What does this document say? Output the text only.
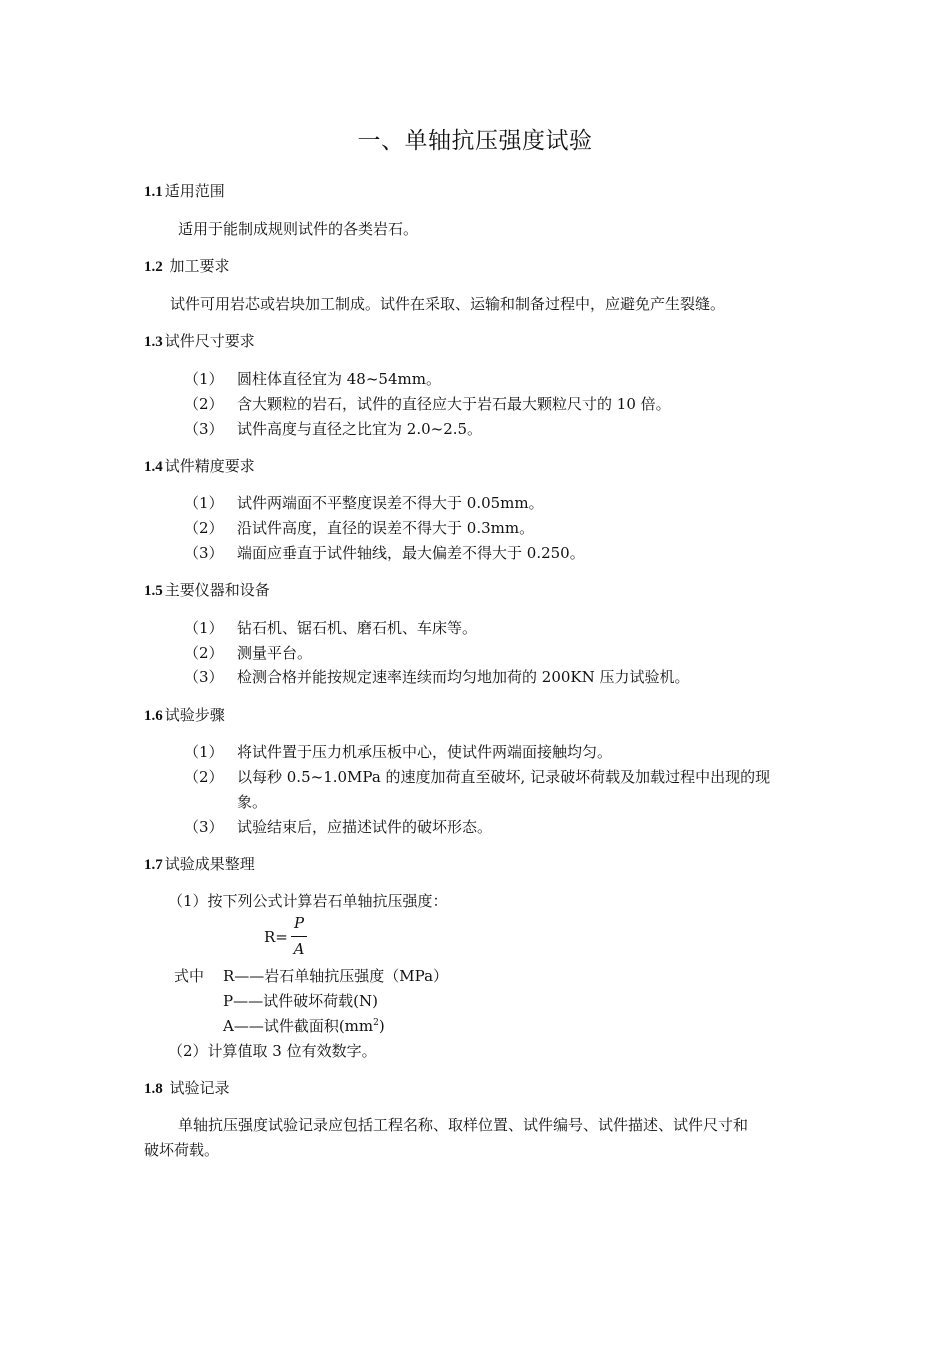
一、单轴抗压强度试验
1.1 适用范围
适用于能制成规则试件的各类岩石。
1.2 加工要求
试件可用岩芯或岩块加工制成。试件在采取、运输和制备过程中，应避免产生裂缝。
1.3 试件尺寸要求
（1） 圆柱体直径宜为 48~54mm。
（2） 含大颗粒的岩石，试件的直径应大于岩石最大颗粒尺寸的 10 倍。
（3） 试件高度与直径之比宜为 2.0~2.5。
1.4 试件精度要求
（1） 试件两端面不平整度误差不得大于 0.05mm。
（2） 沿试件高度，直径的误差不得大于 0.3mm。
（3） 端面应垂直于试件轴线，最大偏差不得大于 0.250。
1.5 主要仪器和设备
（1） 钻石机、锯石机、磨石机、车床等。
（2） 测量平台。
（3） 检测合格并能按规定速率连续而均匀地加荷的 200KN 压力试验机。
1.6 试验步骤
（1） 将试件置于压力机承压板中心，使试件两端面接触均匀。
（2） 以每秒 0.5~1.0MPa 的速度加荷直至破坏, 记录破坏荷载及加载过程中出现的现
象。
（3） 试验结束后，应描述试件的破坏形态。
1.7 试验成果整理
（1）按下列公式计算岩石单轴抗压强度：
R=
P
A
式中 R——岩石单轴抗压强度（MPa）
P——试件破坏荷载(N)
A——试件截面积$(mm^2)$
（2）计算值取 3 位有效数字。
1.8 试验记录
单轴抗压强度试验记录应包括工程名称、取样位置、试件编号、试件描述、试件尺寸和
破坏荷载。
